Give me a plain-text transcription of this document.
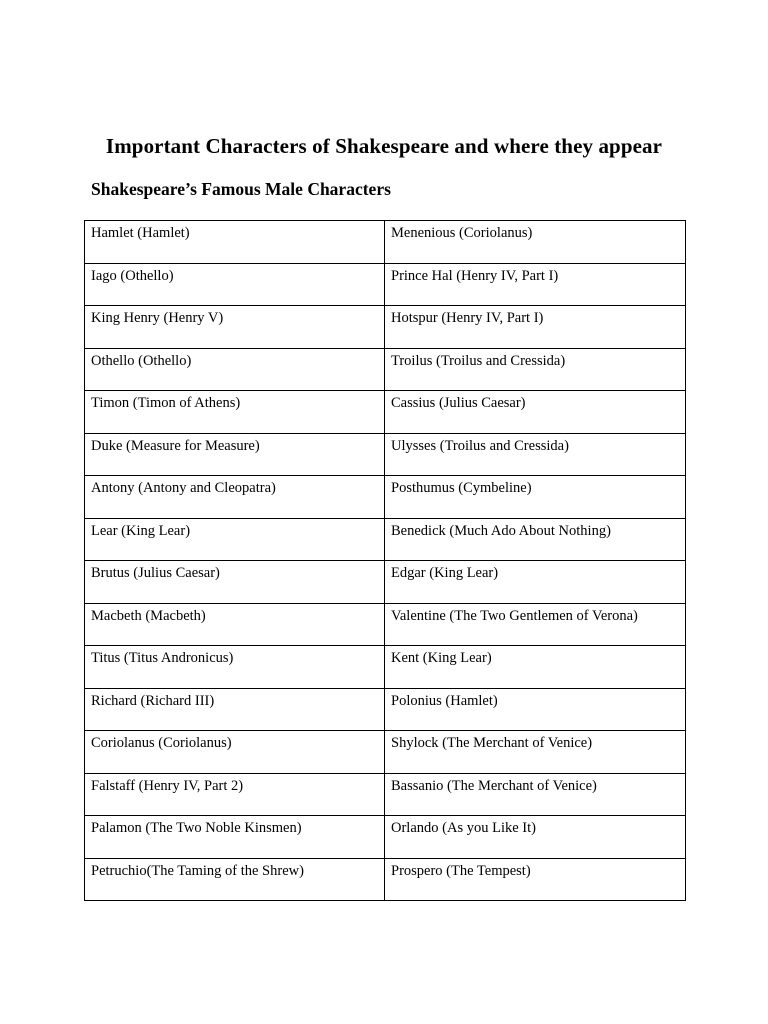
Important Characters of Shakespeare and where they appear
Shakespeare’s Famous Male Characters
Hamlet (Hamlet)	Menenious (Coriolanus)

Iago (Othello)	Prince Hal (Henry IV, Part I)

King Henry (Henry V)	Hotspur (Henry IV, Part I)

Othello (Othello)	Troilus (Troilus and Cressida)

Timon (Timon of Athens)	Cassius (Julius Caesar)

Duke (Measure for Measure)	Ulysses (Troilus and Cressida)

Antony (Antony and Cleopatra)	Posthumus (Cymbeline)

Lear (King Lear)	Benedick (Much Ado About Nothing)

Brutus (Julius Caesar)	Edgar (King Lear)

Macbeth (Macbeth)	Valentine (The Two Gentlemen of Verona)

Titus (Titus Andronicus)	Kent (King Lear)

Richard (Richard III)	Polonius (Hamlet)

Coriolanus (Coriolanus)	Shylock (The Merchant of Venice)

Falstaff (Henry IV, Part 2)	Bassanio (The Merchant of Venice)

Palamon (The Two Noble Kinsmen)	Orlando (As you Like It)

Petruchio(The Taming of the Shrew)	Prospero (The Tempest)
